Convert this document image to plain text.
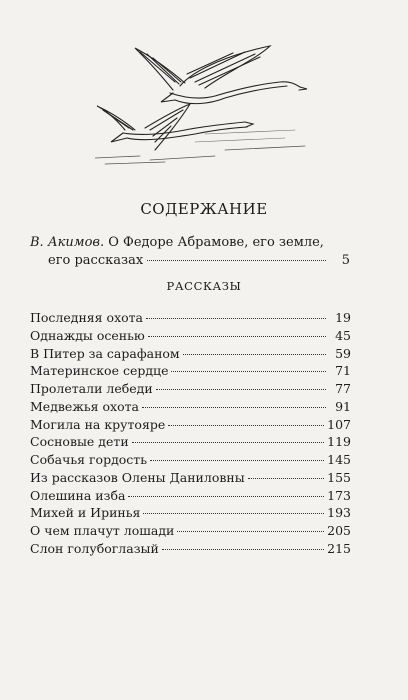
СОДЕРЖАНИЕ
В. Акимов. О Федоре Абрамове, его земле,
его рассказах	5
РАССКАЗЫ
Последняя охота	19
Однажды осенью	45
В Питер за сарафаном	59
Материнское сердце	71
Пролетали лебеди	77
Медвежья охота	91
Могила на крутояре	107
Сосновые дети	119
Собачья гордость	145
Из рассказов Олены Даниловны	155
Олешина изба	173
Михей и Иринья	193
О чем плачут лошади	205
Слон голубоглазый	215
